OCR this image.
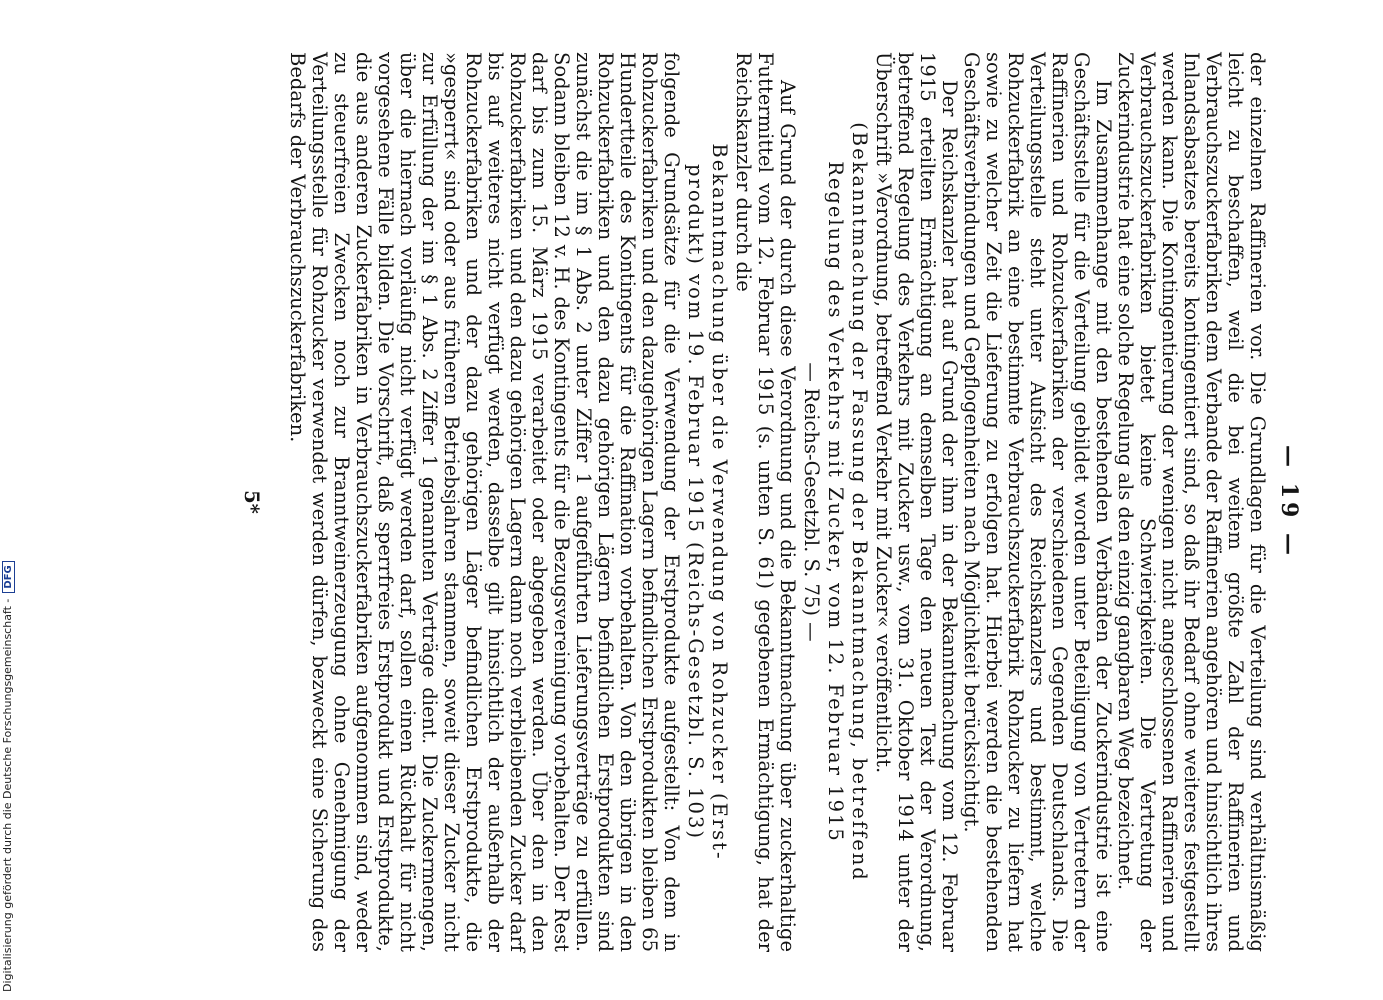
Digitalisierung gefördert durch die Deutsche Forschungsgemeinschaft -DFG
— 19 —

der einzelnen Raffinerien vor. Die Grundlagen für die Verteilung sind verhältnismäßig leicht zu beschaffen, weil die bei weitem größte Zahl der Raffinerien und Verbrauchszuckerfabriken dem Verbande der Raffinerien angehören und hinsichtlich ihres Inlandsabsatzes bereits kontingentiert sind, so daß ihr Bedarf ohne weiteres festgestellt werden kann. Die Kontingentierung der wenigen nicht angeschlossenen Raffinerien und Verbrauchszuckerfabriken bietet keine Schwierigkeiten. Die Vertretung der Zuckerindustrie hat eine solche Regelung als den einzig gangbaren Weg bezeichnet.

Im Zusammenhange mit den bestehenden Verbänden der Zuckerindustrie ist eine Geschäftsstelle für die Verteilung gebildet worden unter Beteiligung von Vertretern der Raffinerien und Rohzuckerfabriken der verschiedenen Gegenden Deutschlands. Die Verteilungsstelle steht unter Aufsicht des Reichskanzlers und bestimmt, welche Rohzuckerfabrik an eine bestimmte Verbrauchszuckerfabrik Rohzucker zu liefern hat sowie zu welcher Zeit die Lieferung zu erfolgen hat. Hierbei werden die bestehenden Geschäftsverbindungen und Gepflogenheiten nach Möglichkeit berücksichtigt.

Der Reichskanzler hat auf Grund der ihm in der Bekanntmachung vom 12. Februar 1915 erteilten Ermächtigung an demselben Tage den neuen Text der Verordnung, betreffend Regelung des Verkehrs mit Zucker usw., vom 31. Oktober 1914 unter der Überschrift »Verordnung, betreffend Verkehr mit Zucker« veröffentlicht.

(Bekanntmachung der Fassung der Bekanntmachung, betreffend
Regelung des Verkehrs mit Zucker, vom 12. Februar 1915
— Reichs-Gesetzbl. S. 75) —

Auf Grund der durch diese Verordnung und die Bekanntmachung über zuckerhaltige Futtermittel vom 12. Februar 1915 (s. unten S. 61) gegebenen Ermächtigung, hat der Reichskanzler durch die

Bekanntmachung über die Verwendung von Rohzucker (Erst-
produkt) vom 19. Februar 1915 (Reichs-Gesetzbl. S. 103)

folgende Grundsätze für die Verwendung der Erstprodukte aufgestellt: Von dem in Rohzuckerfabriken und den dazugehörigen Lagern befindlichen Erstprodukten bleiben 65 Hundertteile des Kontingents für die Raffination vorbehalten. Von den übrigen in den Rohzuckerfabriken und den dazu gehörigen Lägern befindlichen Erstprodukten sind zunächst die im § 1 Abs. 2 unter Ziffer 1 aufgeführten Lieferungsverträge zu erfüllen. Sodann bleiben 12 v. H. des Kontingents für die Bezugsvereinigung vorbehalten. Der Rest darf bis zum 15. März 1915 verarbeitet oder abgegeben werden. Über den in den Rohzuckerfabriken und den dazu gehörigen Lagern dann noch verbleibenden Zucker darf bis auf weiteres nicht verfügt werden, dasselbe gilt hinsichtlich der außerhalb der Rohzuckerfabriken und der dazu gehörigen Läger befindlichen Erstprodukte, die »gesperrt« sind oder aus früheren Betriebsjahren stammen, soweit dieser Zucker nicht zur Erfüllung der im § 1 Abs. 2 Ziffer 1 genannten Verträge dient. Die Zuckermengen, über die hiernach vorläufig nicht verfügt werden darf, sollen einen Rückhalt für nicht vorgesehene Fälle bilden. Die Vorschrift, daß sperrfreies Erstprodukt und Erstprodukte, die aus anderen Zuckerfabriken in Verbrauchszuckerfabriken aufgenommen sind, weder zu steuerfreien Zwecken noch zur Branntweinerzeugung ohne Genehmigung der Verteilungsstelle für Rohzucker verwendet werden dürfen, bezweckt eine Sicherung des Bedarfs der Verbrauchszuckerfabriken.

5*
